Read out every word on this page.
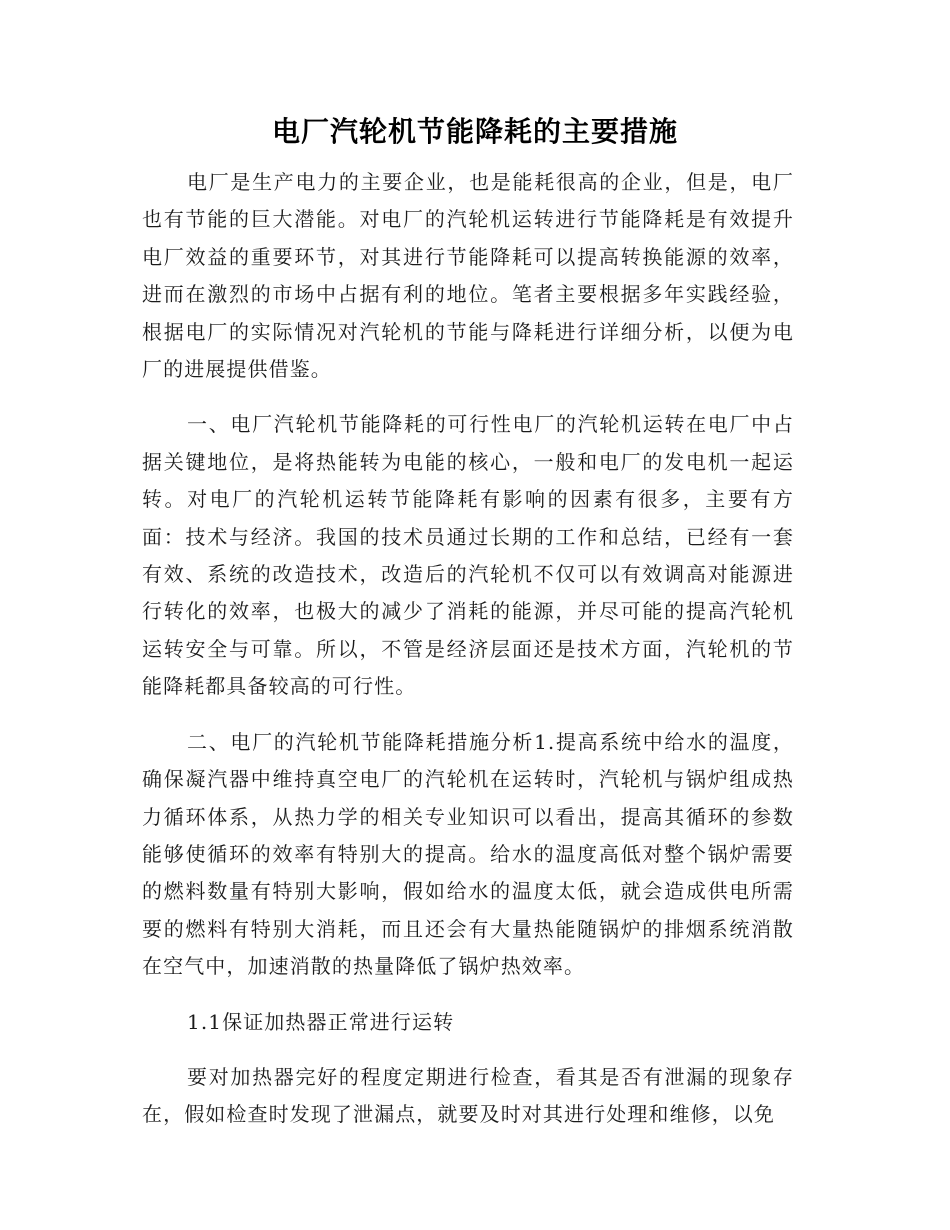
电厂汽轮机节能降耗的主要措施

电厂是生产电力的主要企业，也是能耗很高的企业，但是，电厂也有节能的巨大潜能。对电厂的汽轮机运转进行节能降耗是有效提升电厂效益的重要环节，对其进行节能降耗可以提高转换能源的效率，进而在激烈的市场中占据有利的地位。笔者主要根据多年实践经验，根据电厂的实际情况对汽轮机的节能与降耗进行详细分析，以便为电厂的进展提供借鉴。

一、电厂汽轮机节能降耗的可行性电厂的汽轮机运转在电厂中占据关键地位，是将热能转为电能的核心，一般和电厂的发电机一起运转。对电厂的汽轮机运转节能降耗有影响的因素有很多，主要有方面：技术与经济。我国的技术员通过长期的工作和总结，已经有一套有效、系统的改造技术，改造后的汽轮机不仅可以有效调高对能源进行转化的效率，也极大的减少了消耗的能源，并尽可能的提高汽轮机运转安全与可靠。所以，不管是经济层面还是技术方面，汽轮机的节能降耗都具备较高的可行性。

二、电厂的汽轮机节能降耗措施分析1.提高系统中给水的温度，确保凝汽器中维持真空电厂的汽轮机在运转时，汽轮机与锅炉组成热力循环体系，从热力学的相关专业知识可以看出，提高其循环的参数能够使循环的效率有特别大的提高。给水的温度高低对整个锅炉需要的燃料数量有特别大影响，假如给水的温度太低，就会造成供电所需要的燃料有特别大消耗，而且还会有大量热能随锅炉的排烟系统消散在空气中，加速消散的热量降低了锅炉热效率。

1.1保证加热器正常进行运转

要对加热器完好的程度定期进行检查，看其是否有泄漏的现象存在，假如检查时发现了泄漏点，就要及时对其进行处理和维修，以免
